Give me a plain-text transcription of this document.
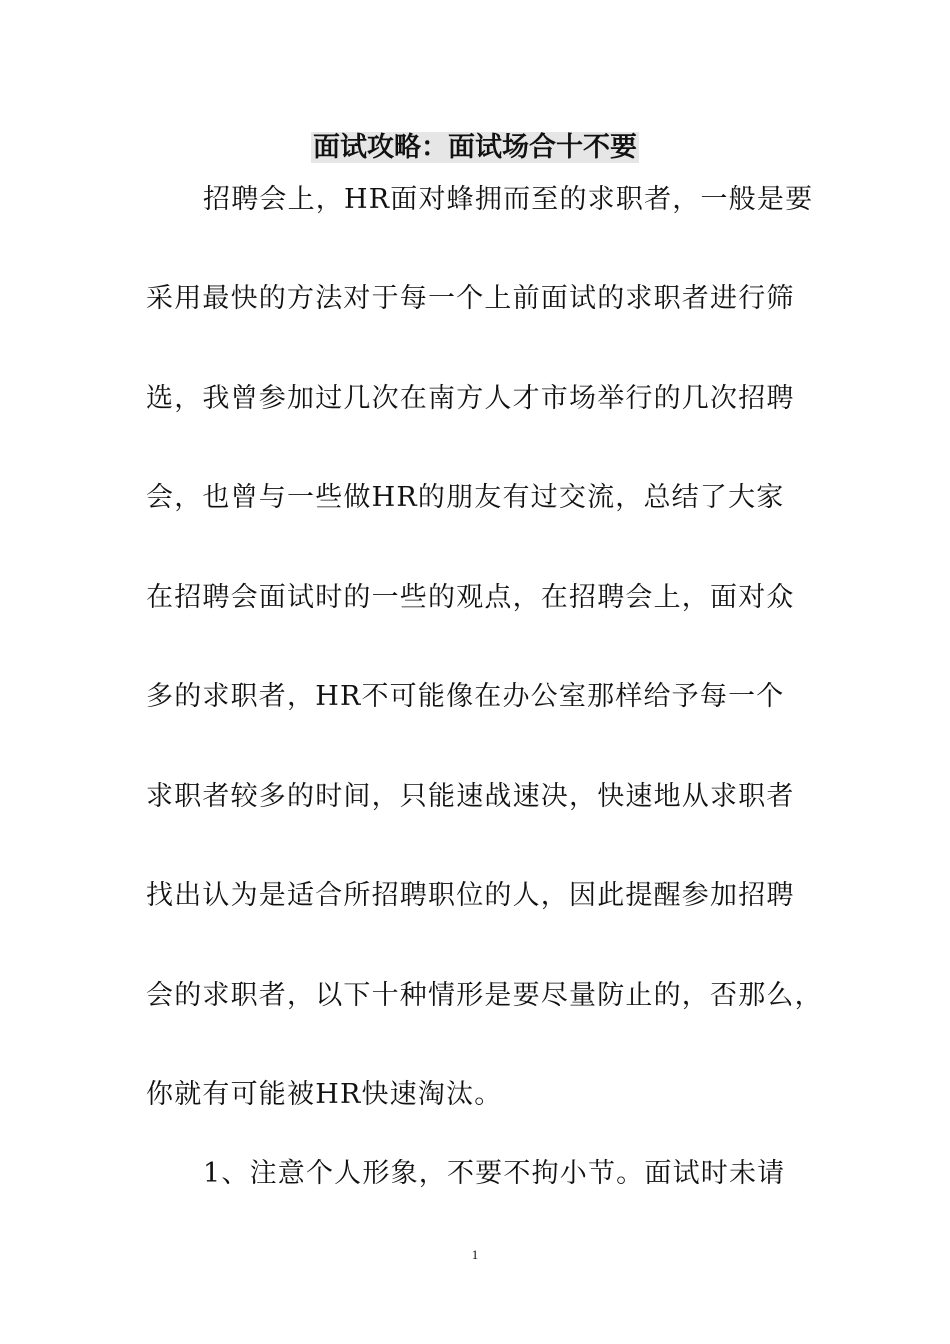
面试攻略：面试场合十不要
招聘会上，HR面对蜂拥而至的求职者，一般是要
采用最快的方法对于每一个上前面试的求职者进行筛
选，我曾参加过几次在南方人才市场举行的几次招聘
会，也曾与一些做HR的朋友有过交流，总结了大家
在招聘会面试时的一些的观点，在招聘会上，面对众
多的求职者，HR不可能像在办公室那样给予每一个
求职者较多的时间，只能速战速决，快速地从求职者
找出认为是适合所招聘职位的人，因此提醒参加招聘
会的求职者，以下十种情形是要尽量防止的，否那么，
你就有可能被HR快速淘汰。
1、注意个人形象，不要不拘小节。面试时未请
1
